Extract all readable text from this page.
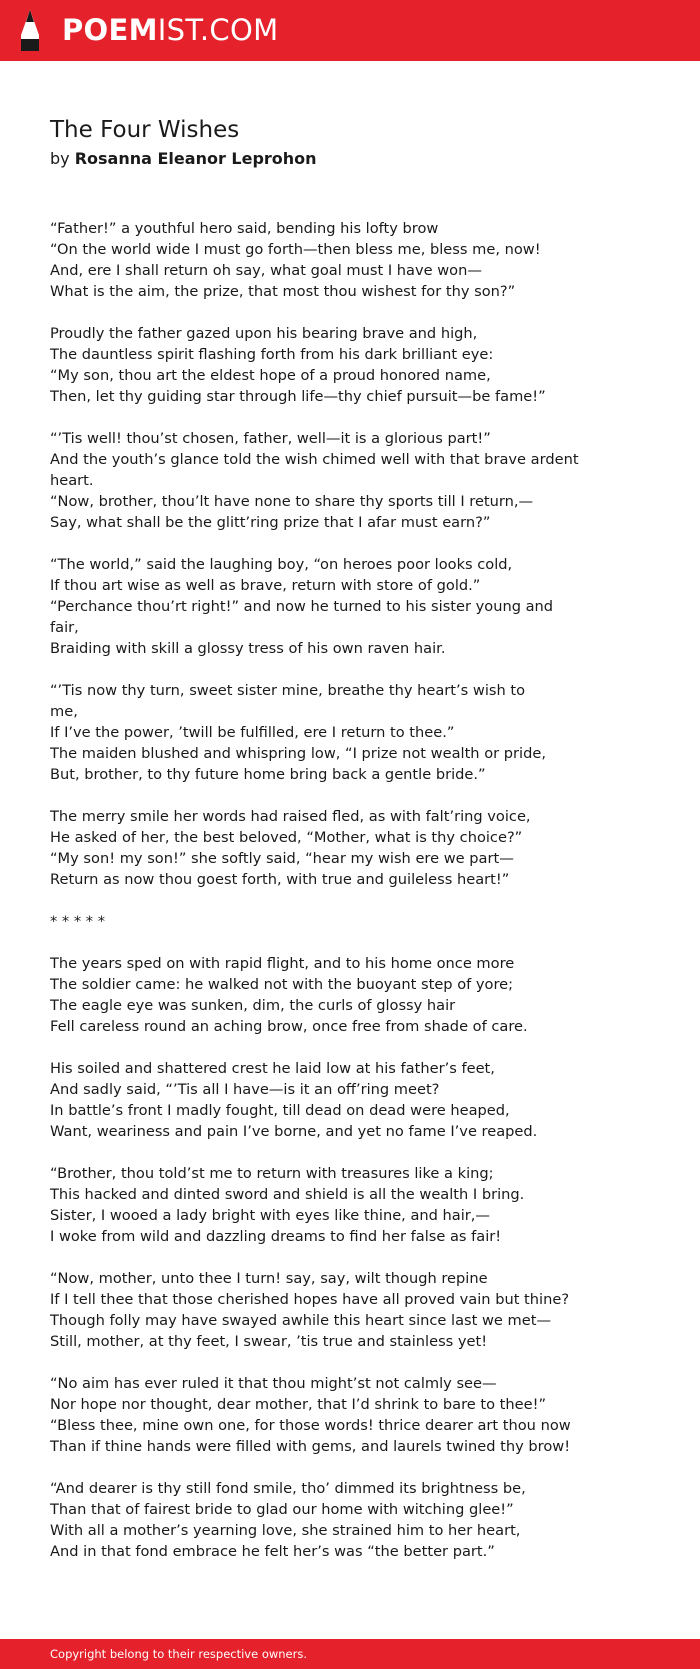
POEMIST.COM
The Four Wishes
by Rosanna Eleanor Leprohon
“Father!” a youthful hero said, bending his lofty brow
“On the world wide I must go forth—then bless me, bless me, now!
And, ere I shall return oh say, what goal must I have won—
What is the aim, the prize, that most thou wishest for thy son?”
Proudly the father gazed upon his bearing brave and high,
The dauntless spirit flashing forth from his dark brilliant eye:
“My son, thou art the eldest hope of a proud honored name,
Then, let thy guiding star through life—thy chief pursuit—be fame!”
“’Tis well! thou’st chosen, father, well—it is a glorious part!”
And the youth’s glance told the wish chimed well with that brave ardent
heart.
“Now, brother, thou’lt have none to share thy sports till I return,—
Say, what shall be the glitt’ring prize that I afar must earn?”
“The world,” said the laughing boy, “on heroes poor looks cold,
If thou art wise as well as brave, return with store of gold.”
“Perchance thou’rt right!” and now he turned to his sister young and
fair,
Braiding with skill a glossy tress of his own raven hair.
“’Tis now thy turn, sweet sister mine, breathe thy heart’s wish to
me,
If I’ve the power, ’twill be fulfilled, ere I return to thee.”
The maiden blushed and whispring low, “I prize not wealth or pride,
But, brother, to thy future home bring back a gentle bride.”
The merry smile her words had raised fled, as with falt’ring voice,
He asked of her, the best beloved, “Mother, what is thy choice?”
“My son! my son!” she softly said, “hear my wish ere we part—
Return as now thou goest forth, with true and guileless heart!”
* * * * *
The years sped on with rapid flight, and to his home once more
The soldier came: he walked not with the buoyant step of yore;
The eagle eye was sunken, dim, the curls of glossy hair
Fell careless round an aching brow, once free from shade of care.
His soiled and shattered crest he laid low at his father’s feet,
And sadly said, “’Tis all I have—is it an off’ring meet?
In battle’s front I madly fought, till dead on dead were heaped,
Want, weariness and pain I’ve borne, and yet no fame I’ve reaped.
“Brother, thou told’st me to return with treasures like a king;
This hacked and dinted sword and shield is all the wealth I bring.
Sister, I wooed a lady bright with eyes like thine, and hair,—
I woke from wild and dazzling dreams to find her false as fair!
“Now, mother, unto thee I turn! say, say, wilt though repine
If I tell thee that those cherished hopes have all proved vain but thine?
Though folly may have swayed awhile this heart since last we met—
Still, mother, at thy feet, I swear, ’tis true and stainless yet!
“No aim has ever ruled it that thou might’st not calmly see—
Nor hope nor thought, dear mother, that I’d shrink to bare to thee!”
“Bless thee, mine own one, for those words! thrice dearer art thou now
Than if thine hands were filled with gems, and laurels twined thy brow!
“And dearer is thy still fond smile, tho’ dimmed its brightness be,
Than that of fairest bride to glad our home with witching glee!”
With all a mother’s yearning love, she strained him to her heart,
And in that fond embrace he felt her’s was “the better part.”
Copyright belong to their respective owners.
